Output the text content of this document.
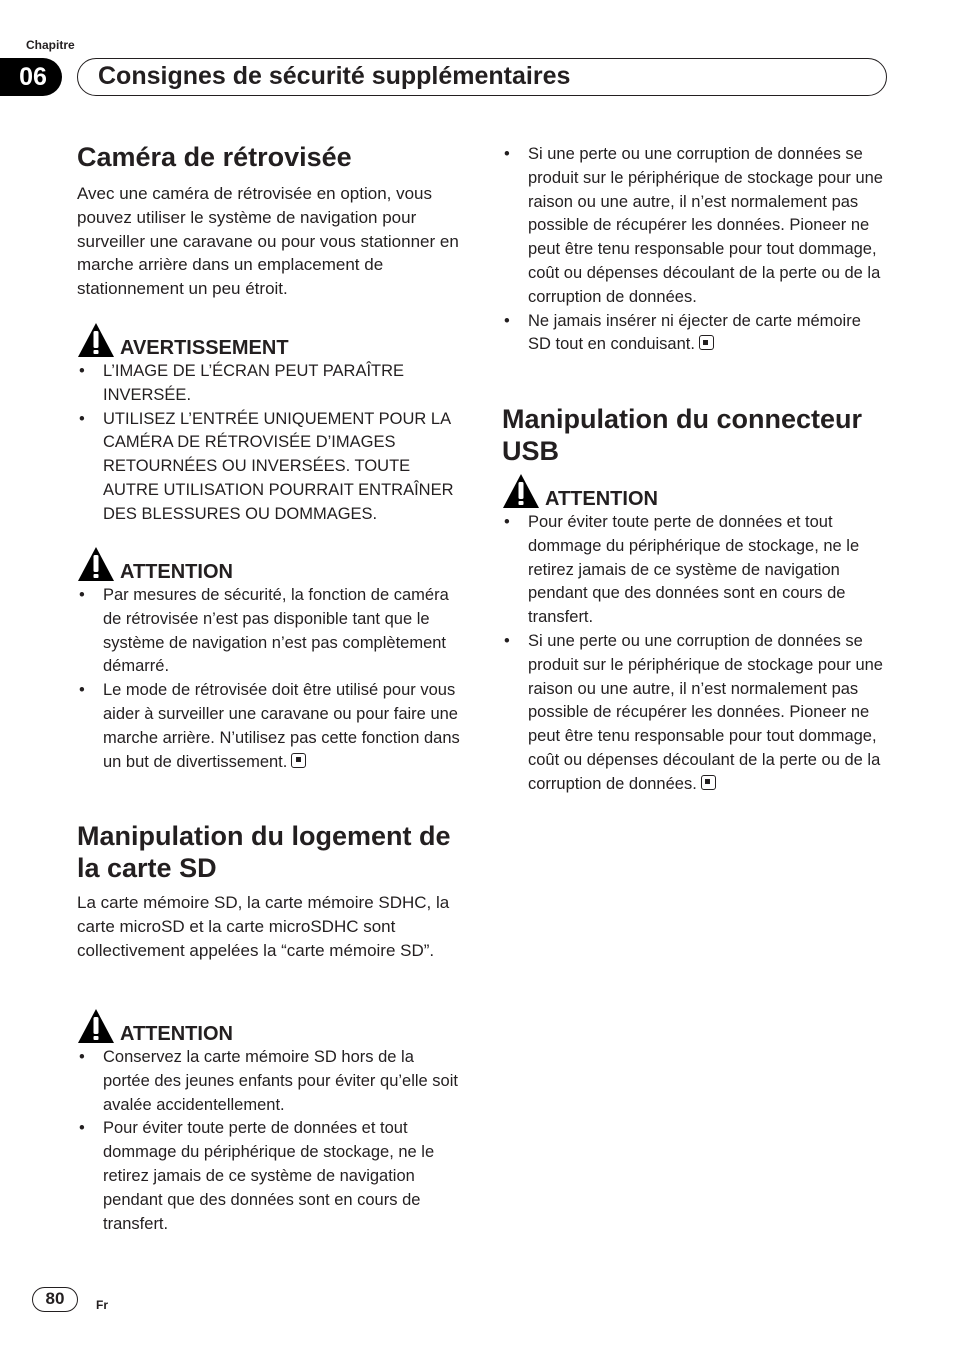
Chapitre
06	Consignes de sécurité supplémentaires
Caméra de rétrovisée

Avec une caméra de rétrovisée en option, vous pouvez utiliser le système de navigation pour surveiller une caravane ou pour vous stationner en marche arrière dans un emplacement de stationnement un peu étroit.

AVERTISSEMENT
• L’IMAGE DE L’ÉCRAN PEUT PARAÎTRE INVERSÉE.
• UTILISEZ L’ENTRÉE UNIQUEMENT POUR LA CAMÉRA DE RÉTROVISÉE D’IMAGES RETOURNÉES OU INVERSÉES. TOUTE AUTRE UTILISATION POURRAIT ENTRAÎNER DES BLESSURES OU DOMMAGES.
ATTENTION
• Par mesures de sécurité, la fonction de caméra de rétrovisée n’est pas disponible tant que le système de navigation n’est pas complètement démarré.
• Le mode de rétrovisée doit être utilisé pour vous aider à surveiller une caravane ou pour faire une marche arrière. N’utilisez pas cette fonction dans un but de divertissement.
Manipulation du logement de la carte SD

La carte mémoire SD, la carte mémoire SDHC, la carte microSD et la carte microSDHC sont collectivement appelées la “carte mémoire SD”.

ATTENTION
• Conservez la carte mémoire SD hors de la portée des jeunes enfants pour éviter qu’elle soit avalée accidentellement.
• Pour éviter toute perte de données et tout dommage du périphérique de stockage, ne le retirez jamais de ce système de navigation pendant que des données sont en cours de transfert.
• Si une perte ou une corruption de données se produit sur le périphérique de stockage pour une raison ou une autre, il n’est normalement pas possible de récupérer les données. Pioneer ne peut être tenu responsable pour tout dommage, coût ou dépenses découlant de la perte ou de la corruption de données.
• Ne jamais insérer ni éjecter de carte mémoire SD tout en conduisant.
Manipulation du connecteur USB
ATTENTION
• Pour éviter toute perte de données et tout dommage du périphérique de stockage, ne le retirez jamais de ce système de navigation pendant que des données sont en cours de transfert.
• Si une perte ou une corruption de données se produit sur le périphérique de stockage pour une raison ou une autre, il n’est normalement pas possible de récupérer les données. Pioneer ne peut être tenu responsable pour tout dommage, coût ou dépenses découlant de la perte ou de la corruption de données.
80	Fr
